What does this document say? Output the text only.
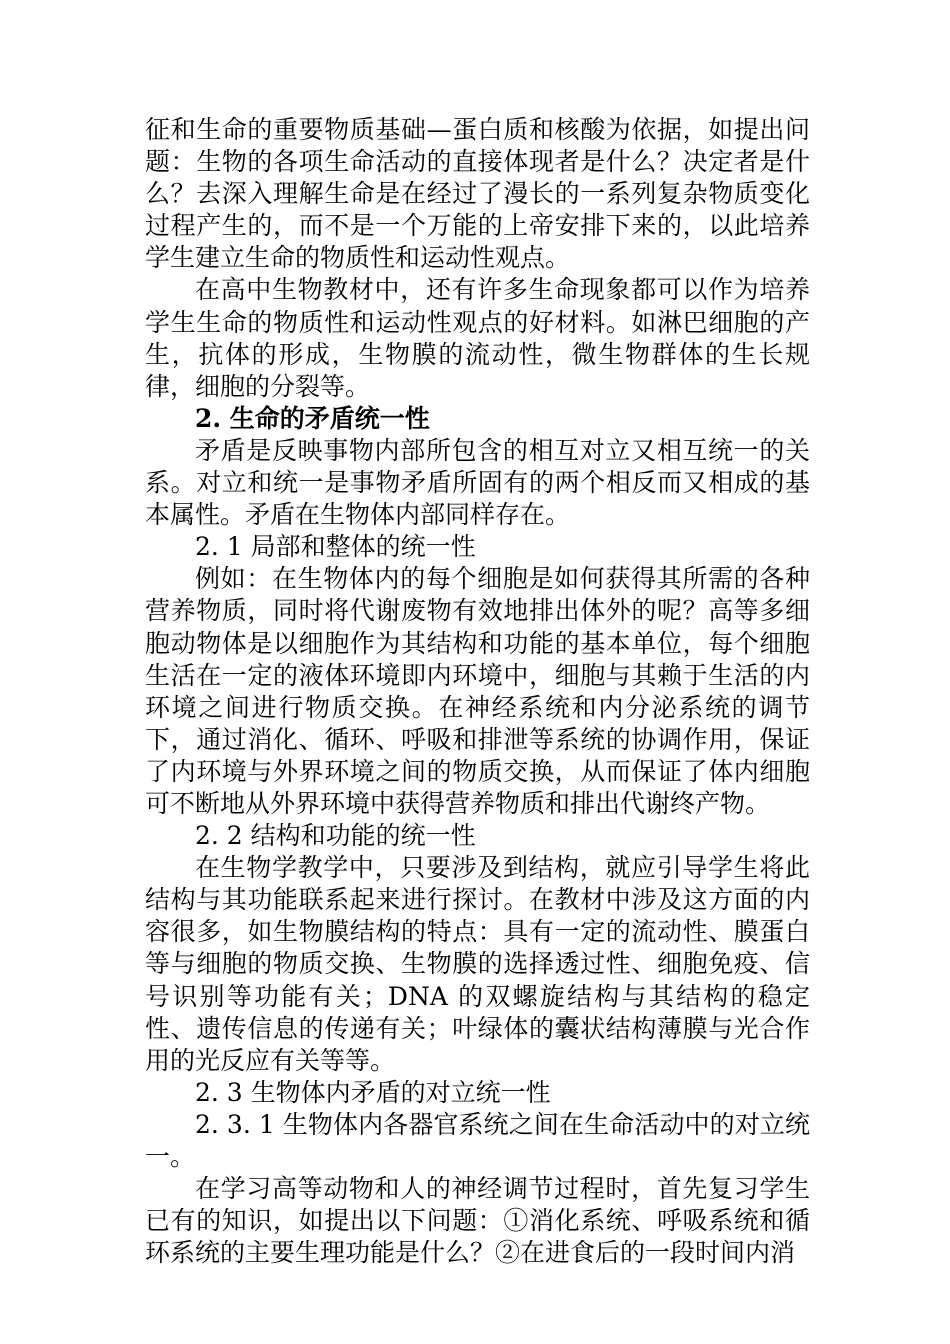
征和生命的重要物质基础—蛋白质和核酸为依据，如提出问题：生物的各项生命活动的直接体现者是什么？决定者是什么？去深入理解生命是在经过了漫长的一系列复杂物质变化过程产生的，而不是一个万能的上帝安排下来的，以此培养学生建立生命的物质性和运动性观点。

在高中生物教材中，还有许多生命现象都可以作为培养学生生命的物质性和运动性观点的好材料。如淋巴细胞的产生，抗体的形成，生物膜的流动性，微生物群体的生长规律，细胞的分裂等。

2. 生命的矛盾统一性

矛盾是反映事物内部所包含的相互对立又相互统一的关系。对立和统一是事物矛盾所固有的两个相反而又相成的基本属性。矛盾在生物体内部同样存在。

2. 1 局部和整体的统一性

例如：在生物体内的每个细胞是如何获得其所需的各种营养物质，同时将代谢废物有效地排出体外的呢？高等多细胞动物体是以细胞作为其结构和功能的基本单位，每个细胞生活在一定的液体环境即内环境中，细胞与其赖于生活的内环境之间进行物质交换。在神经系统和内分泌系统的调节下，通过消化、循环、呼吸和排泄等系统的协调作用，保证了内环境与外界环境之间的物质交换，从而保证了体内细胞可不断地从外界环境中获得营养物质和排出代谢终产物。

2. 2 结构和功能的统一性

在生物学教学中，只要涉及到结构，就应引导学生将此结构与其功能联系起来进行探讨。在教材中涉及这方面的内容很多，如生物膜结构的特点：具有一定的流动性、膜蛋白等与细胞的物质交换、生物膜的选择透过性、细胞免疫、信号识别等功能有关；DNA 的双螺旋结构与其结构的稳定性、遗传信息的传递有关；叶绿体的囊状结构薄膜与光合作用的光反应有关等等。

2. 3 生物体内矛盾的对立统一性

2. 3. 1 生物体内各器官系统之间在生命活动中的对立统一。

在学习高等动物和人的神经调节过程时，首先复习学生已有的知识，如提出以下问题：①消化系统、呼吸系统和循环系统的主要生理功能是什么？②在进食后的一段时间内消
